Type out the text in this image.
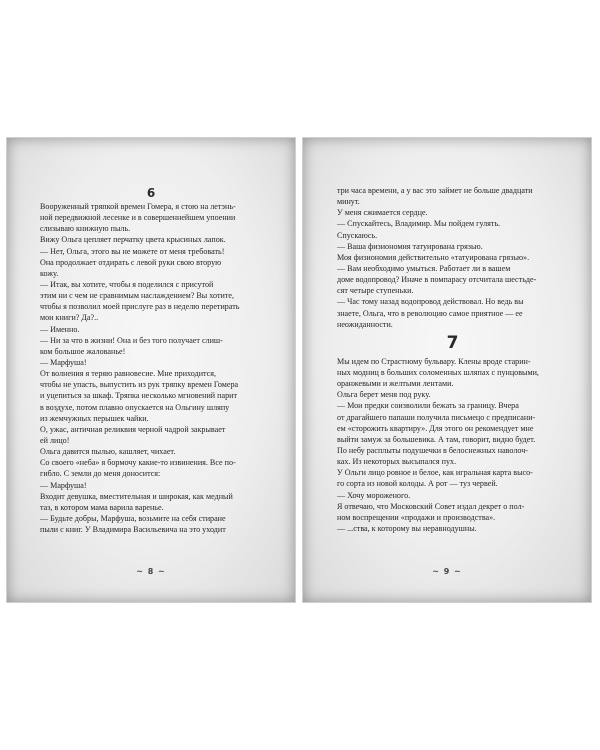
6
Вооруженный тряпкой времен Гомера, я стою на летэнь-
ной передвижной лесенке и в совершеннейшем упоении
слизываю книжную пыль.
Вижу Ольга цепляет перчатку цвета крысиных лапок.
— Нет, Ольга, этого вы не можете от меня требовать!
Она продолжает отдирать с левой руки свою вторую
кожу.
— Итак, вы хотите, чтобы я поделился с присутой
этим ни с чем не сравнимым наслаждением? Вы хотите,
чтобы я позволил моей прислуге раз в неделю перетирать
мои книги? Да?..
— Именно.
— Ни за что в жизни! Она и без того получает слиш-
ком большое жалованье!
— Марфуша!
От волнения я теряю равновесие. Мне приходится,
чтобы не упасть, выпустить из рук тряпку времен Гомера
и уцепиться за шкаф. Тряпка несколько мгновений парит
в воздухе, потом плавно опускается на Ольгину шляпу
из жемчужных перышек чайки.
О, ужас, античная реликвия черной чадрой закрывает
ей лицо!
Ольга давится пылью, кашляет, чихает.
Со своего «неба» я бормочу какие-то извинения. Все по-
гибло. С земли до меня доносится:
— Марфуша!
Входит девушка, вместительная и широкая, как медный
таз, в котором мама варила варенье.
— Будьте добры, Марфуша, возьмите на себя стиране
пыли с книг. У Владимира Васильевича на это уходит
~ 8 ~
три часа времени, а у вас это займет не больше двадцати
минут.
У меня сжимается сердце.
— Спускайтесь, Владимир. Мы пойдем гулять.
Спускаюсь.
— Ваша физиономия татуирована грязью.
Моя физиономия действительно «татуирована грязью».
— Вам необходимо умыться. Работает ли в вашем
доме водопровод? Иначе в помпарасу отсчитала шестьде-
сят четыре ступеньки.
— Час тому назад водопровод действовал. Но ведь вы
знаете, Ольга, что в революцию самое приятное — ее
неожиданности.
7
Мы идем по Страстному бульвару. Клены вроде старин-
ных модниц в больших соломенных шляпах с пунцовыми,
оранжевыми и желтыми лентами.
Ольга берет меня под руку.
— Мои предки соизволили бежать за границу. Вчера
от драгайшего папаши получила письмецо с предписани-
ем «сторожить квартиру». Для этого он рекомендует мне
выйти замуж за большевика. А там, говорит, видно будет.
По небу расплыты подушечки в белоснежных наволоч-
ках. Из некоторых высыпался пух.
У Ольги лицо ровное и белое, как игральная карта высо-
го сорта из новой колоды. А рот — туз червей.
— Хочу мороженого.
Я отвечаю, что Московский Совет издал декрет о пол-
ном воспрещении «продажи и производства».
— ...ства, к которому вы неравнодушны.
~ 9 ~
